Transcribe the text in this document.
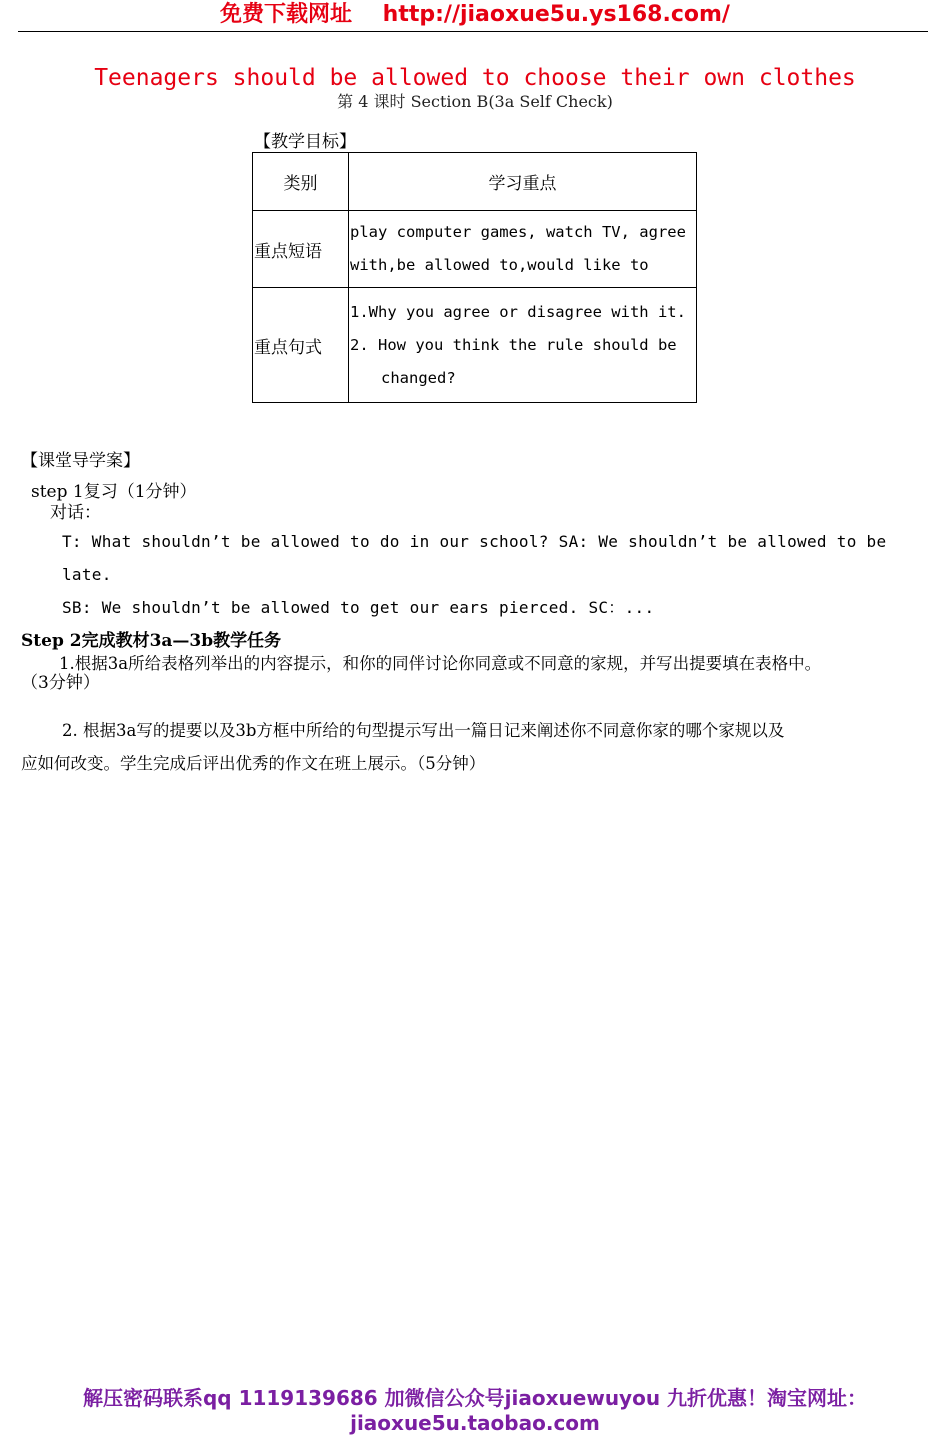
免费下载网址    http://jiaoxue5u.ys168.com/
Teenagers should be allowed to choose their own clothes
第 4 课时 Section B(3a Self Check)
【教学目标】
类别	学习重点
重点短语	play computer games, watch TV, agree
with,be allowed to,would like to

重点句式	1.Why you agree or disagree with it.
2. How you think the rule should be
changed?
【课堂导学案】
step 1复习（1分钟）
对话：
T: What shouldn’t be allowed to do in our school? SA: We shouldn’t be allowed to be
late.
SB: We shouldn’t be allowed to get our ears pierced. SC：...
Step 2完成教材3a—3b教学任务
1.根据3a所给表格列举出的内容提示，和你的同伴讨论你同意或不同意的家规，并写出提要填在表格中。
（3分钟）
2. 根据3a写的提要以及3b方框中所给的句型提示写出一篇日记来阐述你不同意你家的哪个家规以及
应如何改变。学生完成后评出优秀的作文在班上展示。（5分钟）
解压密码联系qq 1119139686 加微信公众号jiaoxuewuyou 九折优惠！淘宝网址：
jiaoxue5u.taobao.com
